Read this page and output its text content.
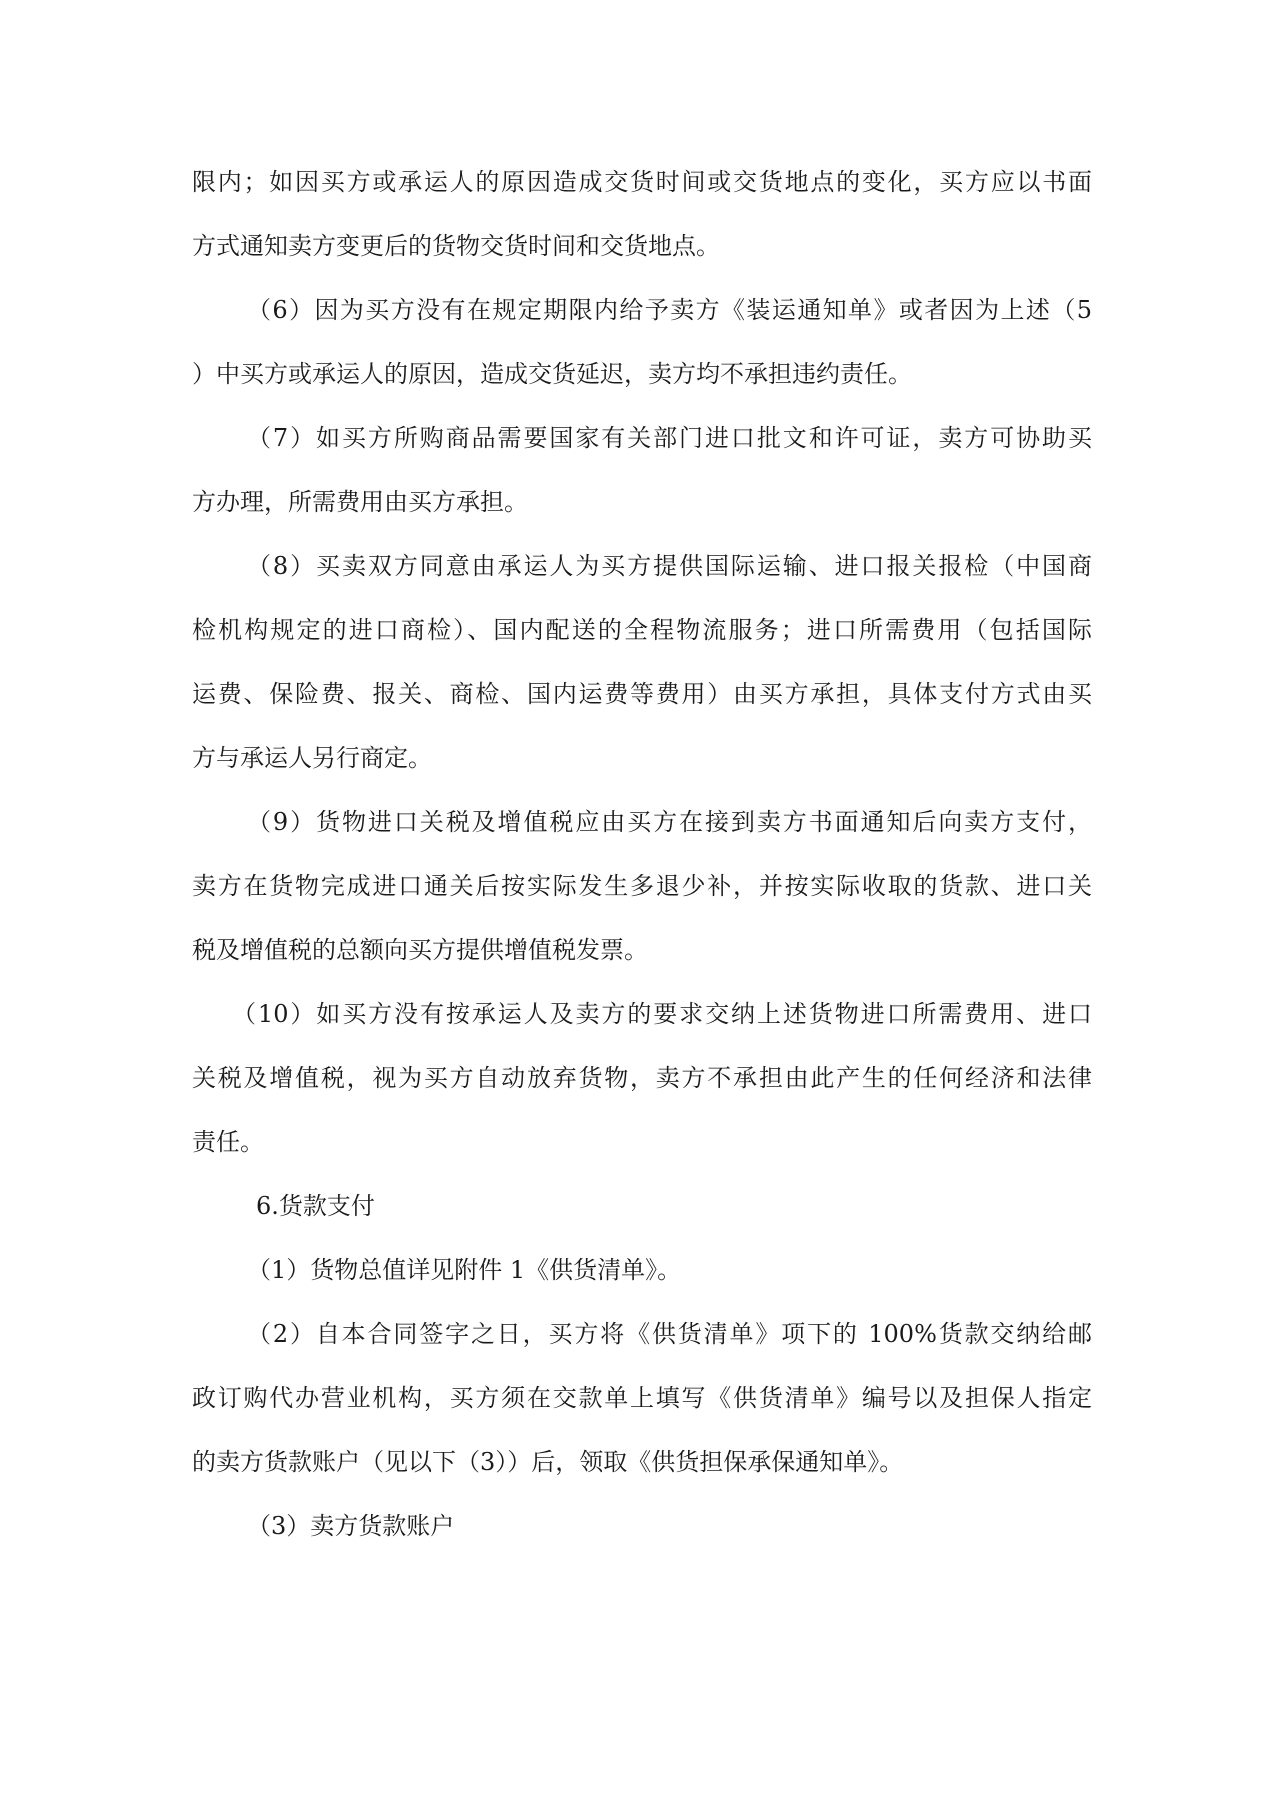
限内；如因买方或承运人的原因造成交货时间或交货地点的变化，买方应以书面
方式通知卖方变更后的货物交货时间和交货地点。
（6）因为买方没有在规定期限内给予卖方《装运通知单》或者因为上述（5
）中买方或承运人的原因，造成交货延迟，卖方均不承担违约责任。
（7）如买方所购商品需要国家有关部门进口批文和许可证，卖方可协助买
方办理，所需费用由买方承担。
（8）买卖双方同意由承运人为买方提供国际运输、进口报关报检（中国商
检机构规定的进口商检）、国内配送的全程物流服务；进口所需费用（包括国际
运费、保险费、报关、商检、国内运费等费用）由买方承担，具体支付方式由买
方与承运人另行商定。
（9）货物进口关税及增值税应由买方在接到卖方书面通知后向卖方支付，
卖方在货物完成进口通关后按实际发生多退少补，并按实际收取的货款、进口关
税及增值税的总额向买方提供增值税发票。
（10）如买方没有按承运人及卖方的要求交纳上述货物进口所需费用、进口
关税及增值税，视为买方自动放弃货物，卖方不承担由此产生的任何经济和法律
责任。
6.货款支付
（1）货物总值详见附件 1《供货清单》。
（2）自本合同签字之日，买方将《供货清单》项下的 100%货款交纳给邮
政订购代办营业机构，买方须在交款单上填写《供货清单》编号以及担保人指定
的卖方货款账户（见以下（3））后，领取《供货担保承保通知单》。
（3）卖方货款账户
